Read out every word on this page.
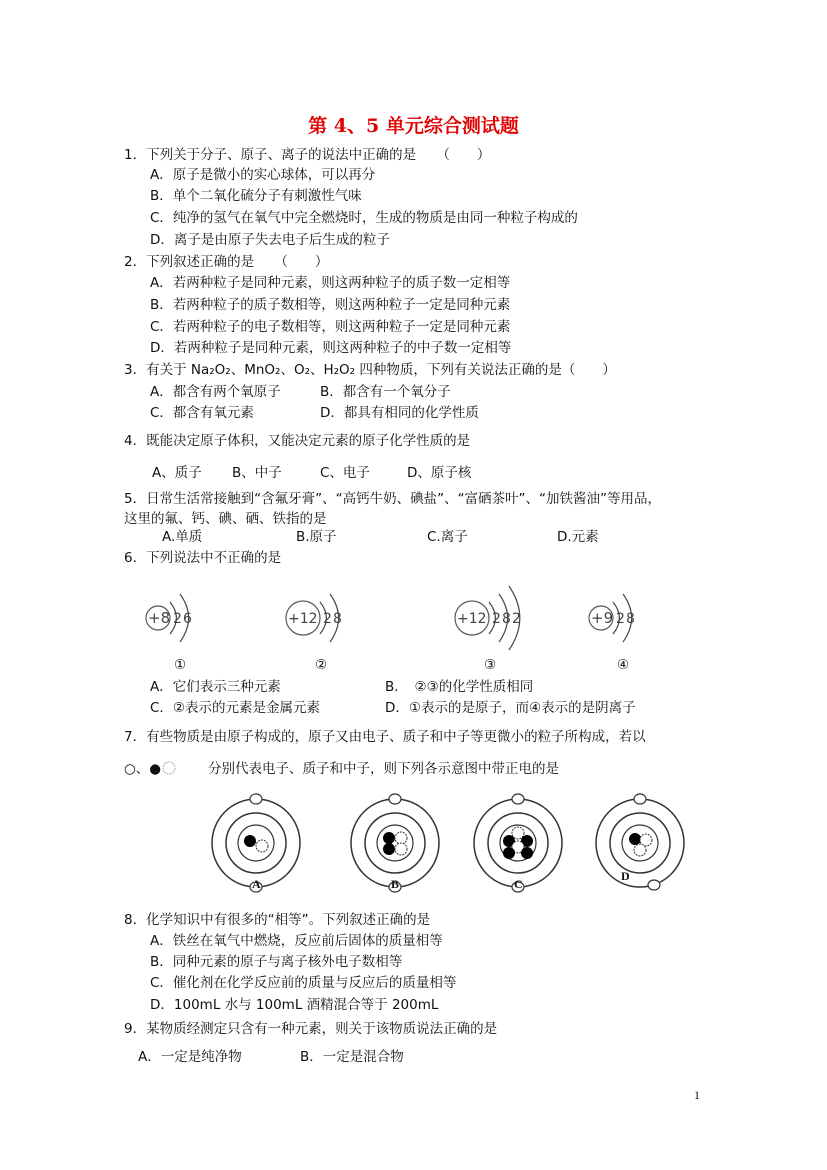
第 4、5 单元综合测试题
1．下列关于分子、原子、离子的说法中正确的是　　（　　）
A．原子是微小的实心球体，可以再分
B．单个二氧化硫分子有刺激性气味
C．纯净的氢气在氧气中完全燃烧时，生成的物质是由同一种粒子构成的
D．离子是由原子失去电子后生成的粒子
2．下列叙述正确的是　　（　　）
A．若两种粒子是同种元素，则这两种粒子的质子数一定相等
B．若两种粒子的质子数相等，则这两种粒子一定是同种元素
C．若两种粒子的电子数相等，则这两种粒子一定是同种元素
D．若两种粒子是同种元素，则这两种粒子的中子数一定相等
3．有关于 Na₂O₂、MnO₂、O₂、H₂O₂ 四种物质，下列有关说法正确的是（　　）
A．都含有两个氧原子	B．都含有一个氧分子
C．都含有氧元素	D．都具有相同的化学性质
4．既能决定原子体积，又能决定元素的原子化学性质的是
A、质子 B、中子	C、电子	D、原子核
5．日常生活常接触到“含氟牙膏”、“高钙牛奶、碘盐”、“富硒茶叶”、“加铁酱油”等用品，
这里的氟、钙、碘、硒、铁指的是
A.单质	B.原子	C.离子	D.元素
6．下列说法中不正确的是
+8 2 6
①
+12 2 8
②
+12 2 8 2
③
+9 2 8
④
A．它们表示三种元素	B．　②③的化学性质相同
C．②表示的元素是金属元素	D．①表示的是原子，而④表示的是阴离子
7．有些物质是由原子构成的，原子又由电子、质子和中子等更微小的粒子所构成，若以
○、●	分别代表电子、质子和中子，则下列各示意图中带正电的是
A	B	C
D
8．化学知识中有很多的“相等”。下列叙述正确的是
A．铁丝在氧气中燃烧，反应前后固体的质量相等
B．同种元素的原子与离子核外电子数相等
C．催化剂在化学反应前的质量与反应后的质量相等
D．100mL 水与 100mL 酒精混合等于 200mL
9．某物质经测定只含有一种元素，则关于该物质说法正确的是
A．一定是纯净物	B．一定是混合物
1
